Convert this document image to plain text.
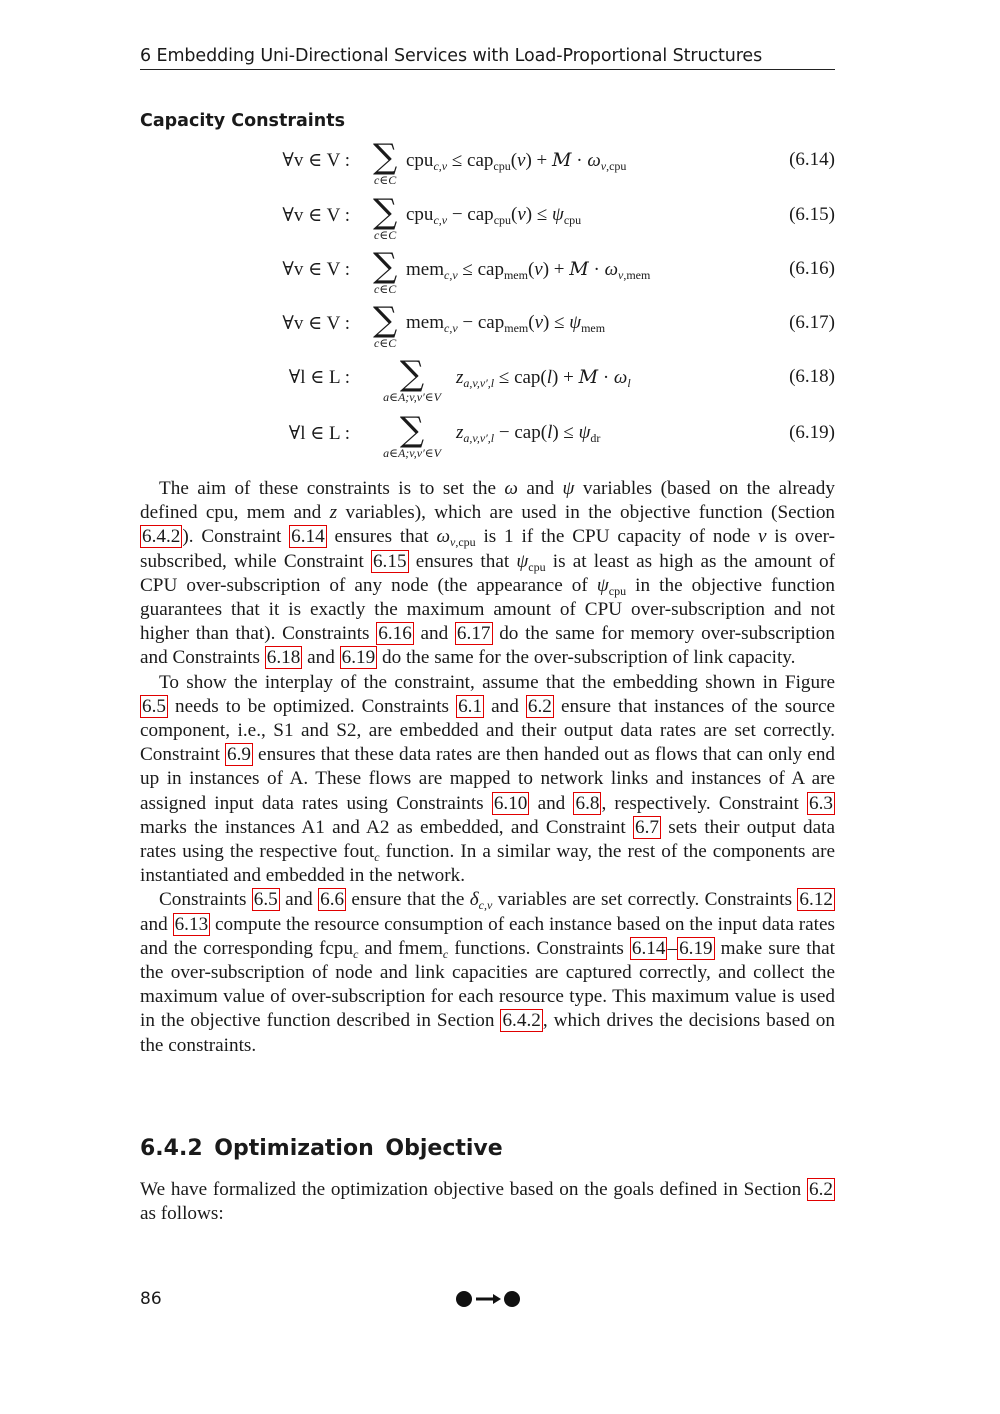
6 Embedding Uni-Directional Services with Load-Proportional Structures
Capacity Constraints
∀v ∈ V : ∑
c∈C
$cpu_{c,v} \le cap_{cpu}(v) + M \cdot \omega_{v,cpu}$	(6.14)
∀v ∈ V : ∑
c∈C
$cpu_{c,v} - cap_{cpu}(v) \le \psi_{cpu}$	(6.15)
∀v ∈ V : ∑
c∈C
$mem_{c,v} \le cap_{mem}(v) + M \cdot \omega_{v,mem}$	(6.16)
∀v ∈ V : ∑
c∈C
$mem_{c,v} - cap_{mem}(v) \le \psi_{mem}$	(6.17)
∀l ∈ L :	∑
a∈A;v,v′∈V
$z_{a,v,v',l} \le cap(l) + M \cdot \omega_l$	(6.18)
∀l ∈ L :	∑
a∈A;v,v′∈V
$z_{a,v,v',l} - cap(l) \le \psi_{dr}$	(6.19)

The aim of these constraints is to set the ω and ψ variables (based on the already defined cpu, mem and z variables), which are used in the objective function (Section 6.4.2 ). Constraint 6.14 ensures that $\omega_{v,cpu}$ is 1 if the CPU capacity of node v is over-subscribed, while Constraint 6.15 ensures that $\psi_{cpu}$ is at least as high as the amount of CPU over-subscription of any node (the appearance of $\psi_{cpu}$ in the objective function guarantees that it is exactly the maximum amount of CPU over-subscription and not higher than that). Constraints 6.16 and 6.17 do the same for memory over-subscription and Constraints 6.18 and 6.19 do the same for the over-subscription of link capacity.

To show the interplay of the constraint, assume that the embedding shown in Figure 6.5 needs to be optimized. Constraints 6.1 and 6.2 ensure that instances of the source component, i.e., S1 and S2, are embedded and their output data rates are set correctly. Constraint 6.9 ensures that these data rates are then handed out as flows that can only end up in instances of A. These flows are mapped to network links and instances of A are assigned input data rates using Constraints 6.10 and 6.8 , respectively. Constraint 6.3 marks the instances A1 and A2 as embedded, and Constraint 6.7 sets their output data rates using the respective fout$_c$ function. In a similar way, the rest of the components are instantiated and embedded in the network.

Constraints 6.5 and 6.6 ensure that the $\delta_{c,v}$ variables are set correctly. Constraints 6.12 and 6.13 compute the resource consumption of each instance based on the input data rates and the corresponding fcpu$_c$ and fmem$_c$ functions. Constraints 6.14 – 6.19 make sure that the over-subscription of node and link capacities are captured correctly, and collect the maximum value of over-subscription for each resource type. This maximum value is used in the objective function described in Section 6.4.2 , which drives the decisions based on the constraints.

6.4.2 Optimization Objective

We have formalized the optimization objective based on the goals defined in Section 6.2 as follows:

86
